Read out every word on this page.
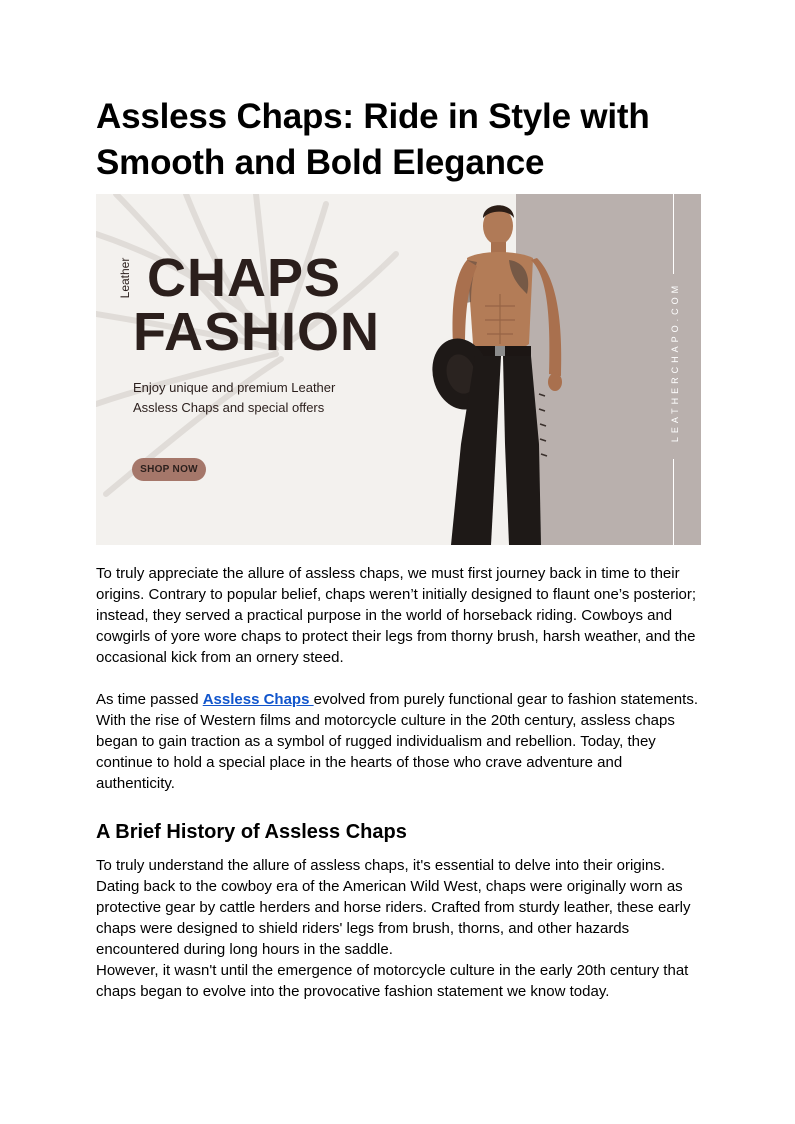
Assless Chaps: Ride in Style with Smooth and Bold Elegance
LEATHERCHAPO.COM
Leather CHAPS
FASHION
Enjoy unique and premium Leather
Assless Chaps and special offers
SHOP NOW

To truly appreciate the allure of assless chaps, we must first journey back in time to their origins. Contrary to popular belief, chaps weren’t initially designed to flaunt one’s posterior; instead, they served a practical purpose in the world of horseback riding. Cowboys and cowgirls of yore wore chaps to protect their legs from thorny brush, harsh weather, and the occasional kick from an ornery steed.

As time passed Assless Chaps evolved from purely functional gear to fashion statements. With the rise of Western films and motorcycle culture in the 20th century, assless chaps began to gain traction as a symbol of rugged individualism and rebellion. Today, they continue to hold a special place in the hearts of those who crave adventure and authenticity.

A Brief History of Assless Chaps
To truly understand the allure of assless chaps, it's essential to delve into their origins. Dating back to the cowboy era of the American Wild West, chaps were originally worn as protective gear by cattle herders and horse riders. Crafted from sturdy leather, these early chaps were designed to shield riders' legs from brush, thorns, and other hazards encountered during long hours in the saddle.
However, it wasn't until the emergence of motorcycle culture in the early 20th century that chaps began to evolve into the provocative fashion statement we know today.
